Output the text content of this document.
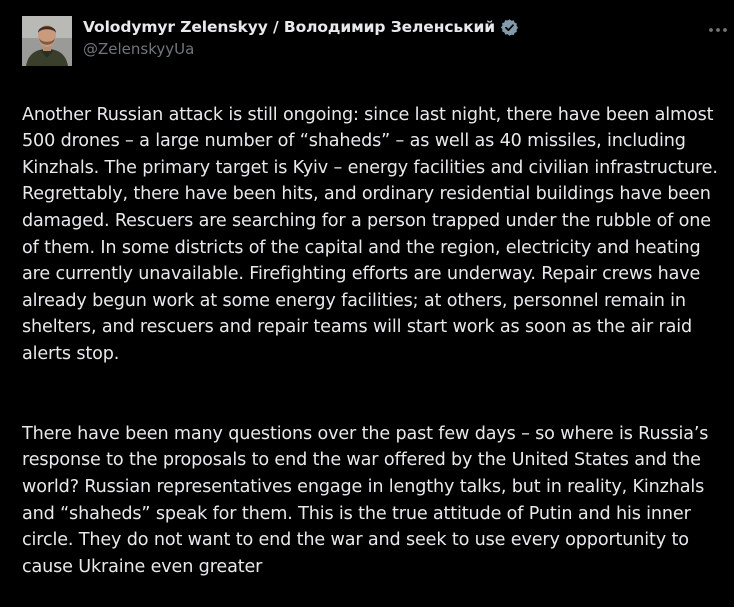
Volodymyr Zelenskyy / Володимир Зеленський
@ZelenskyyUa

Another Russian attack is still ongoing: since last night, there have been almost 500 drones – a large number of “shaheds” – as well as 40 missiles, including Kinzhals. The primary target is Kyiv – energy facilities and civilian infrastructure. Regrettably, there have been hits, and ordinary residential buildings have been damaged. Rescuers are searching for a person trapped under the rubble of one of them. In some districts of the capital and the region, electricity and heating are currently unavailable. Firefighting efforts are underway. Repair crews have already begun work at some energy facilities; at others, personnel remain in shelters, and rescuers and repair teams will start work as soon as the air raid alerts stop.

There have been many questions over the past few days – so where is Russia’s response to the proposals to end the war offered by the United States and the world? Russian representatives engage in lengthy talks, but in reality, Kinzhals and “shaheds” speak for them. This is the true attitude of Putin and his inner circle. They do not want to end the war and seek to use every opportunity to cause Ukraine even greater
